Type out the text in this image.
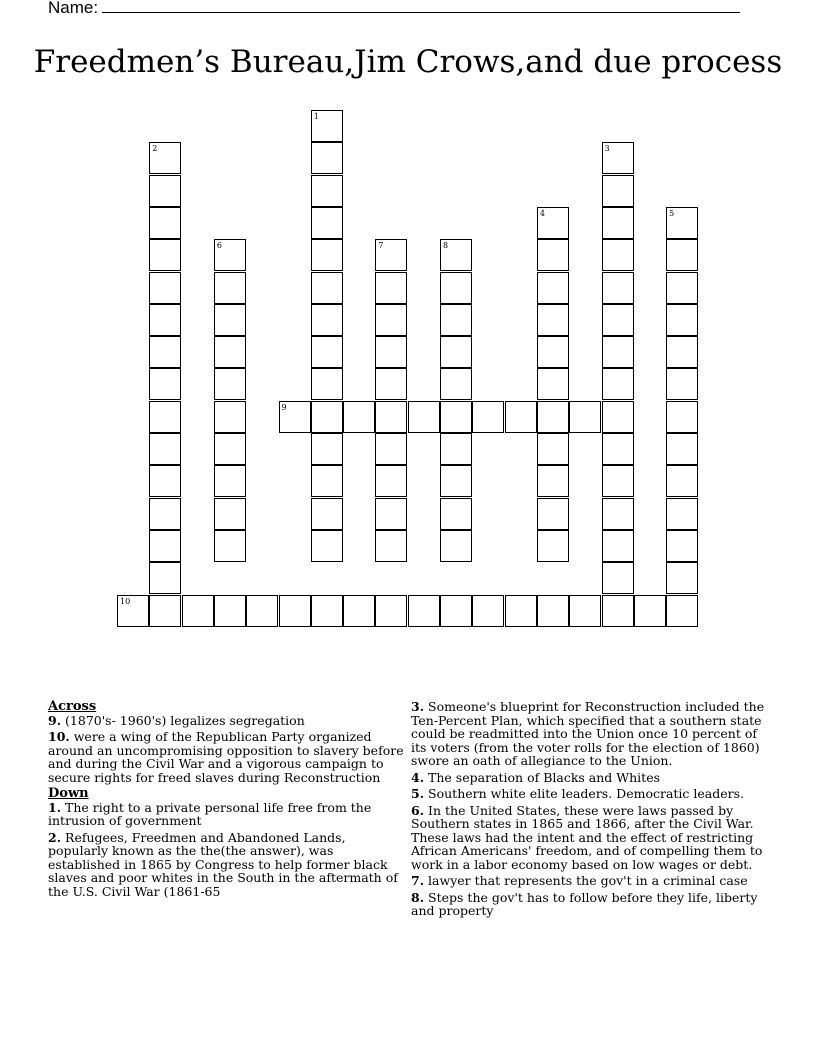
Name:
Freedmen’s Bureau,Jim Crows,and due process
1
2	3
4	5
6	7	8
9
10
Across
9. (1870's- 1960's) legalizes segregation
10. were a wing of the Republican Party organized around an uncompromising opposition to slavery before and during the Civil War and a vigorous campaign to secure rights for freed slaves during Reconstruction
Down
1. The right to a private personal life free from the intrusion of government
2. Refugees, Freedmen and Abandoned Lands, popularly known as the the(the answer), was established in 1865 by Congress to help former black slaves and poor whites in the South in the aftermath of the U.S. Civil War (1861-65
3. Someone's blueprint for Reconstruction included the Ten-Percent Plan, which specified that a southern state could be readmitted into the Union once 10 percent of its voters (from the voter rolls for the election of 1860) swore an oath of allegiance to the Union.
4. The separation of Blacks and Whites
5. Southern white elite leaders. Democratic leaders.
6. In the United States, these were laws passed by Southern states in 1865 and 1866, after the Civil War. These laws had the intent and the effect of restricting African Americans' freedom, and of compelling them to work in a labor economy based on low wages or debt.
7. lawyer that represents the gov't in a criminal case
8. Steps the gov't has to follow before they life, liberty and property
